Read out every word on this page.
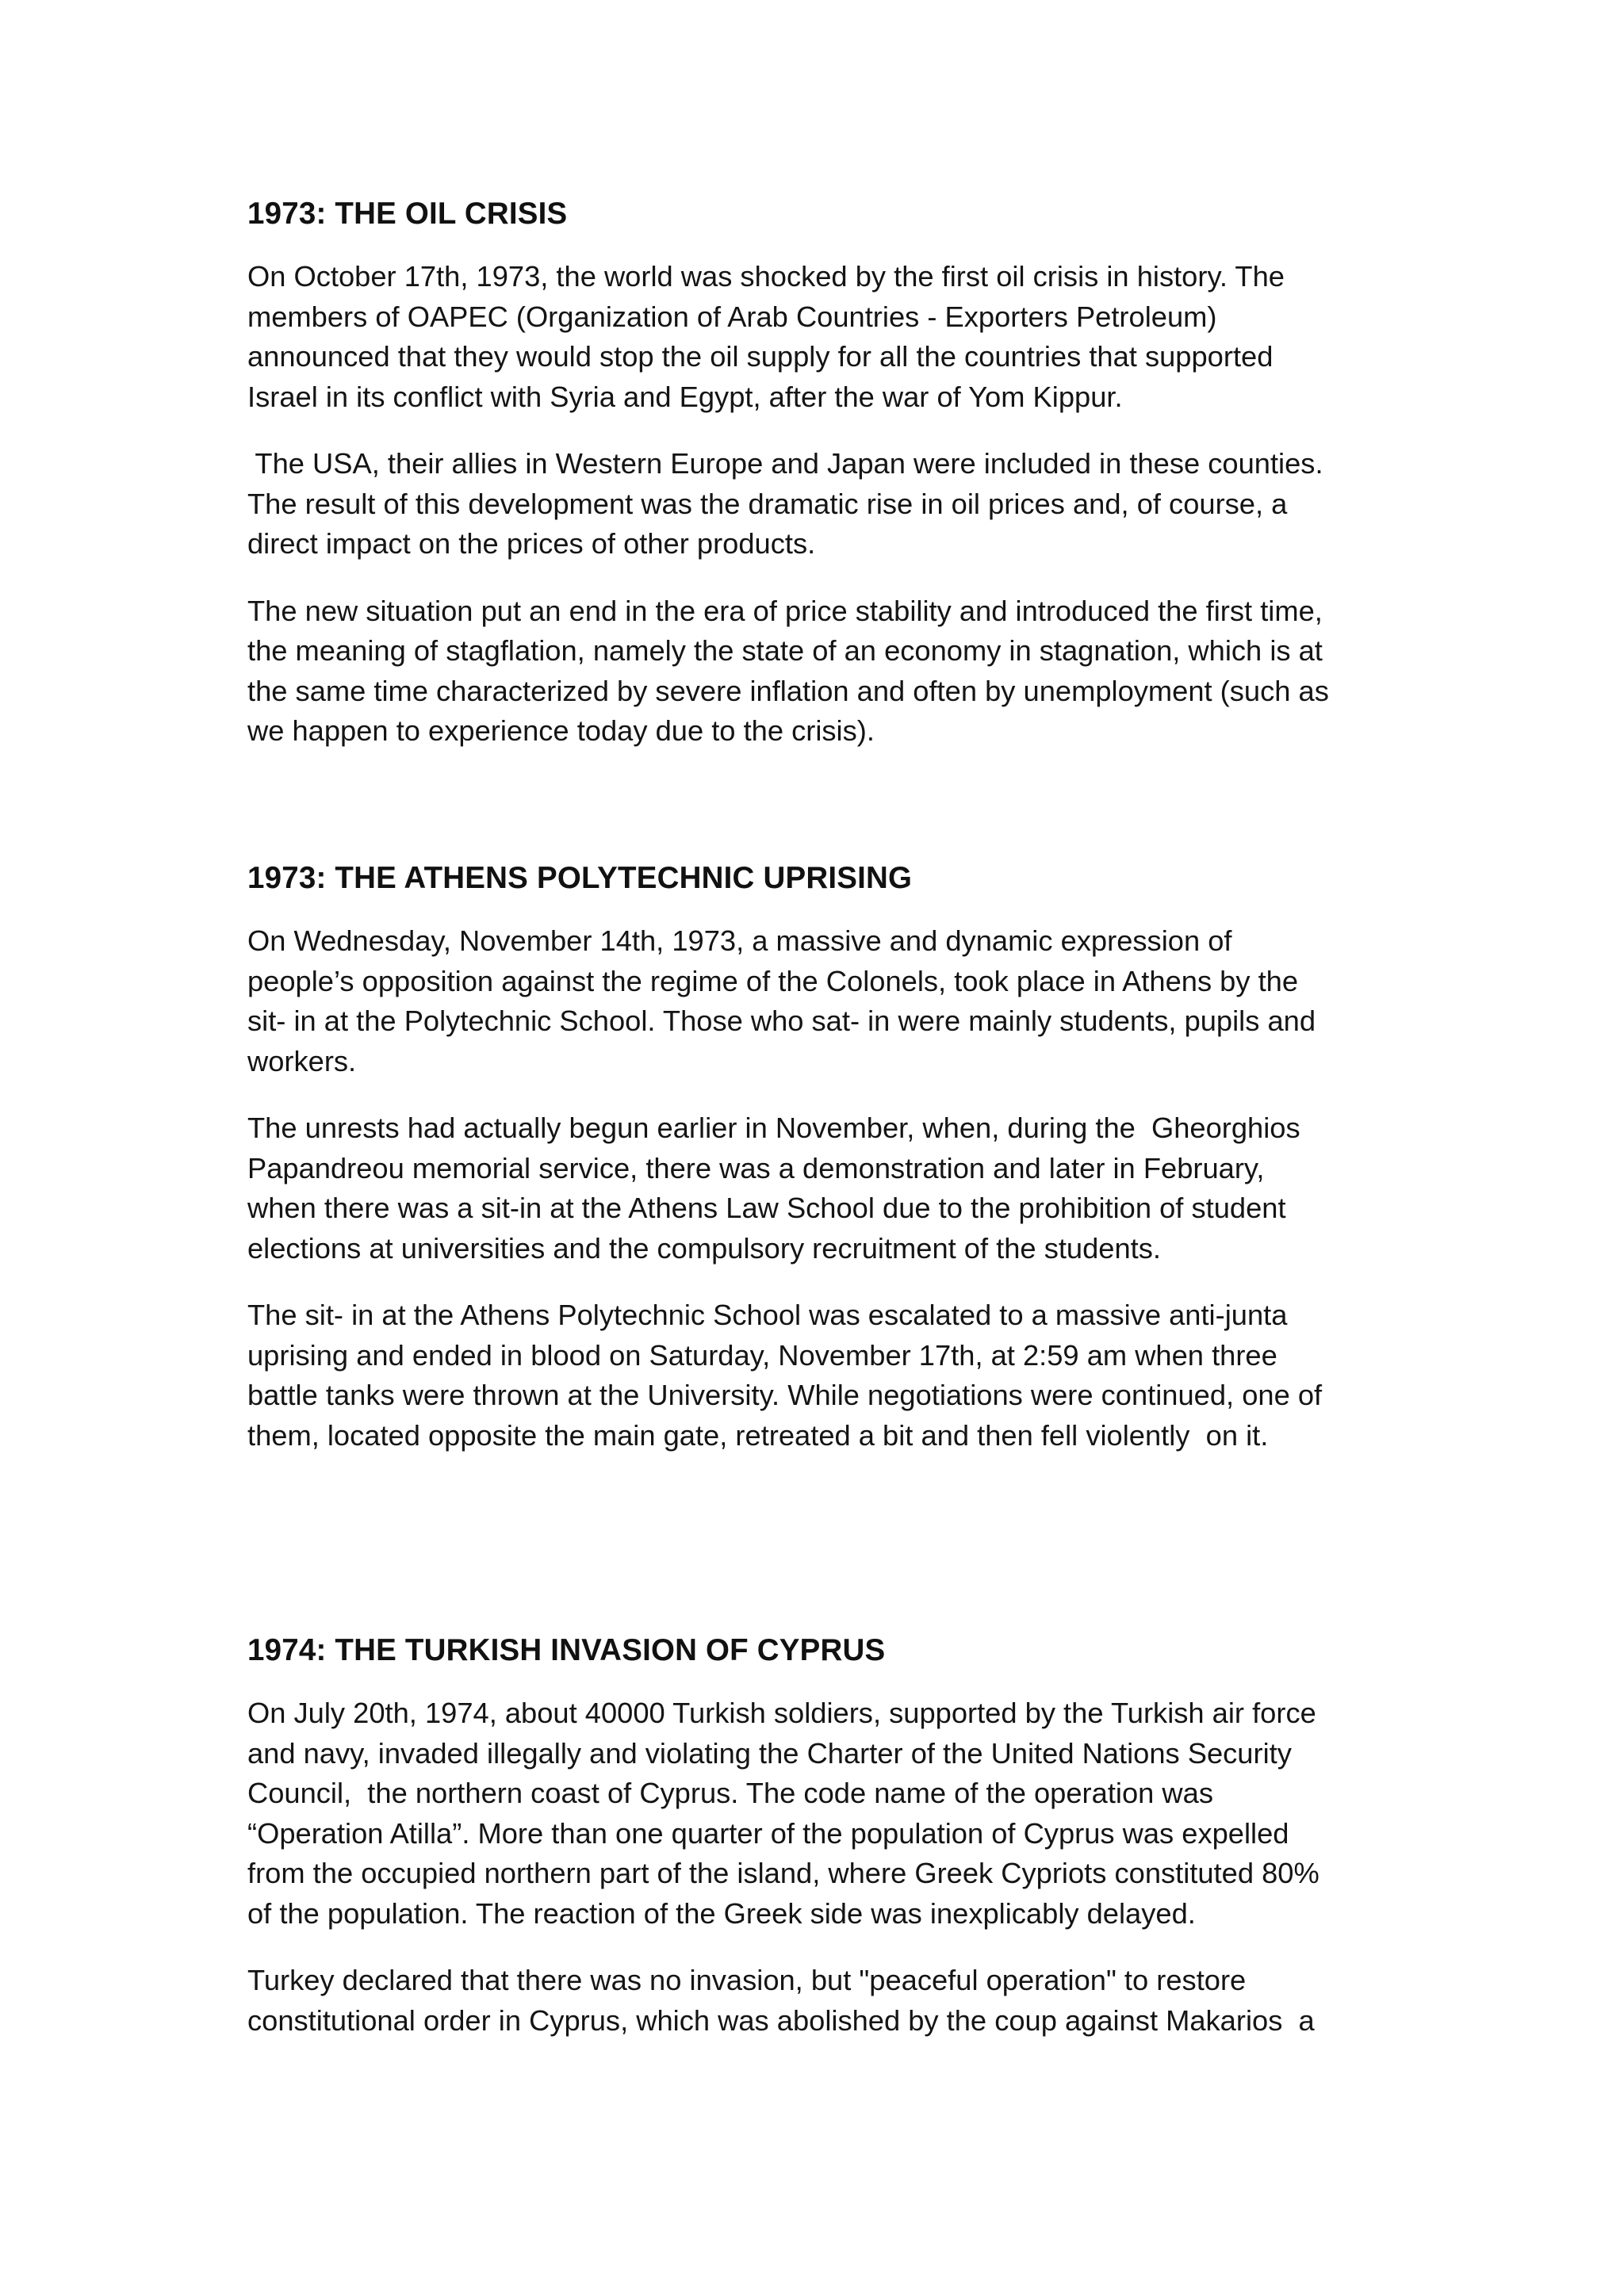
1973: THE OIL CRISIS

On October 17th, 1973, the world was shocked by the first oil crisis in history. The
members of OAPEC (Organization of Arab Countries - Exporters Petroleum)
announced that they would stop the oil supply for all the countries that supported
Israel in its conflict with Syria and Egypt, after the war of Yom Kippur.

The USA, their allies in Western Europe and Japan were included in these counties.
The result of this development was the dramatic rise in oil prices and, of course, a
direct impact on the prices of other products.

The new situation put an end in the era of price stability and introduced the first time,
the meaning of stagflation, namely the state of an economy in stagnation, which is at
the same time characterized by severe inflation and often by unemployment (such as
we happen to experience today due to the crisis).

1973: THE ATHENS POLYTECHNIC UPRISING

On Wednesday, November 14th, 1973, a massive and dynamic expression of
people’s opposition against the regime of the Colonels, took place in Athens by the
sit- in at the Polytechnic School. Those who sat- in were mainly students, pupils and
workers.

The unrests had actually begun earlier in November, when, during the  Gheorghios
Papandreou memorial service, there was a demonstration and later in February,
when there was a sit-in at the Athens Law School due to the prohibition of student
elections at universities and the compulsory recruitment of the students.

The sit- in at the Athens Polytechnic School was escalated to a massive anti-junta
uprising and ended in blood on Saturday, November 17th, at 2:59 am when three
battle tanks were thrown at the University. While negotiations were continued, one of
them, located opposite the main gate, retreated a bit and then fell violently  on it.

1974: THE TURKISH INVASION OF CYPRUS

On July 20th, 1974, about 40000 Turkish soldiers, supported by the Turkish air force
and navy, invaded illegally and violating the Charter of the United Nations Security
Council,  the northern coast of Cyprus. The code name of the operation was
“Operation Atilla”. More than one quarter of the population of Cyprus was expelled
from the occupied northern part of the island, where Greek Cypriots constituted 80%
of the population. The reaction of the Greek side was inexplicably delayed.

Turkey declared that there was no invasion, but "peaceful operation" to restore
constitutional order in Cyprus, which was abolished by the coup against Makarios  a
